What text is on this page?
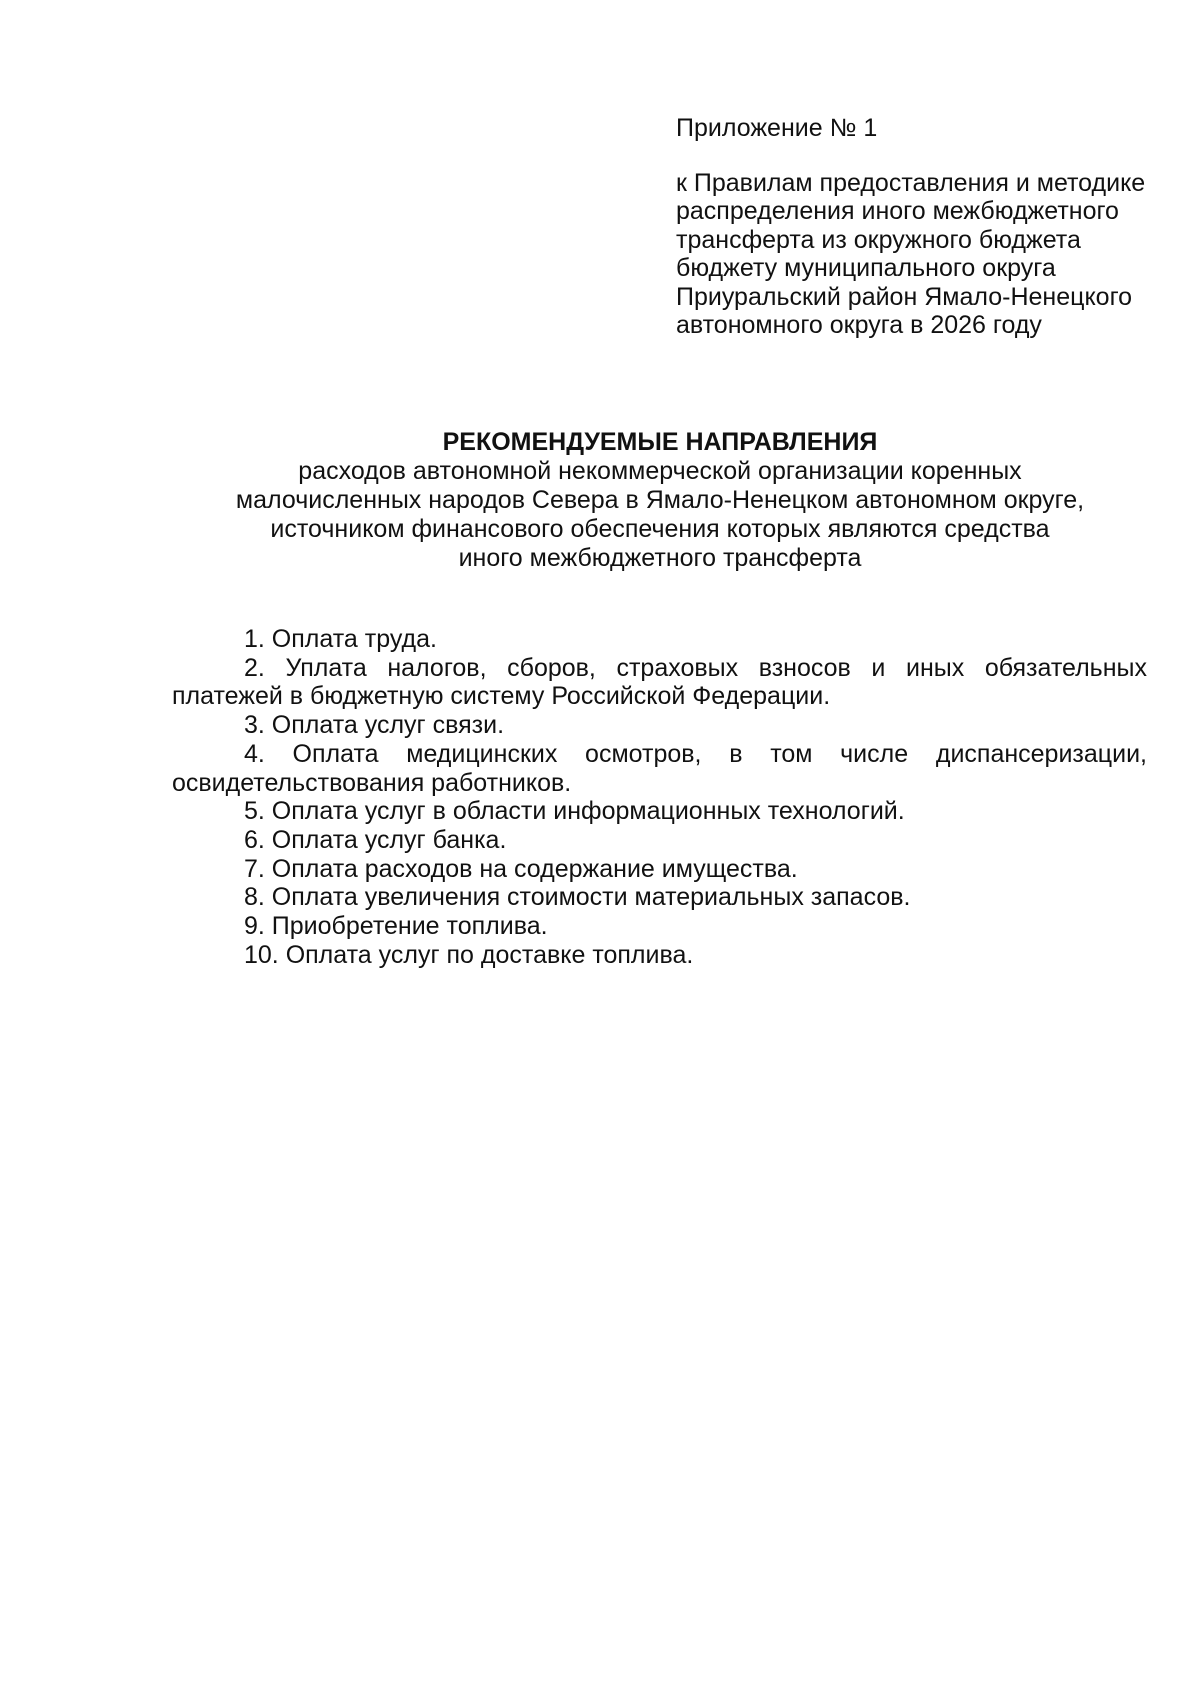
Приложение № 1

к Правилам предоставления и методике распределения иного межбюджетного трансферта из окружного бюджета бюджету муниципального округа Приуральский район Ямало-Ненецкого автономного округа в 2026 году

РЕКОМЕНДУЕМЫЕ НАПРАВЛЕНИЯ

расходов автономной некоммерческой организации коренных
малочисленных народов Севера в Ямало-Ненецком автономном округе,
источником финансового обеспечения которых являются средства
иного межбюджетного трансферта
1. Оплата труда.
2. Уплата налогов, сборов, страховых взносов и иных обязательных платежей в бюджетную систему Российской Федерации.
3. Оплата услуг связи.
4. Оплата медицинских осмотров, в том числе диспансеризации, освидетельствования работников.
5. Оплата услуг в области информационных технологий.
6. Оплата услуг банка.
7. Оплата расходов на содержание имущества.
8. Оплата увеличения стоимости материальных запасов.
9. Приобретение топлива.
10. Оплата услуг по доставке топлива.
